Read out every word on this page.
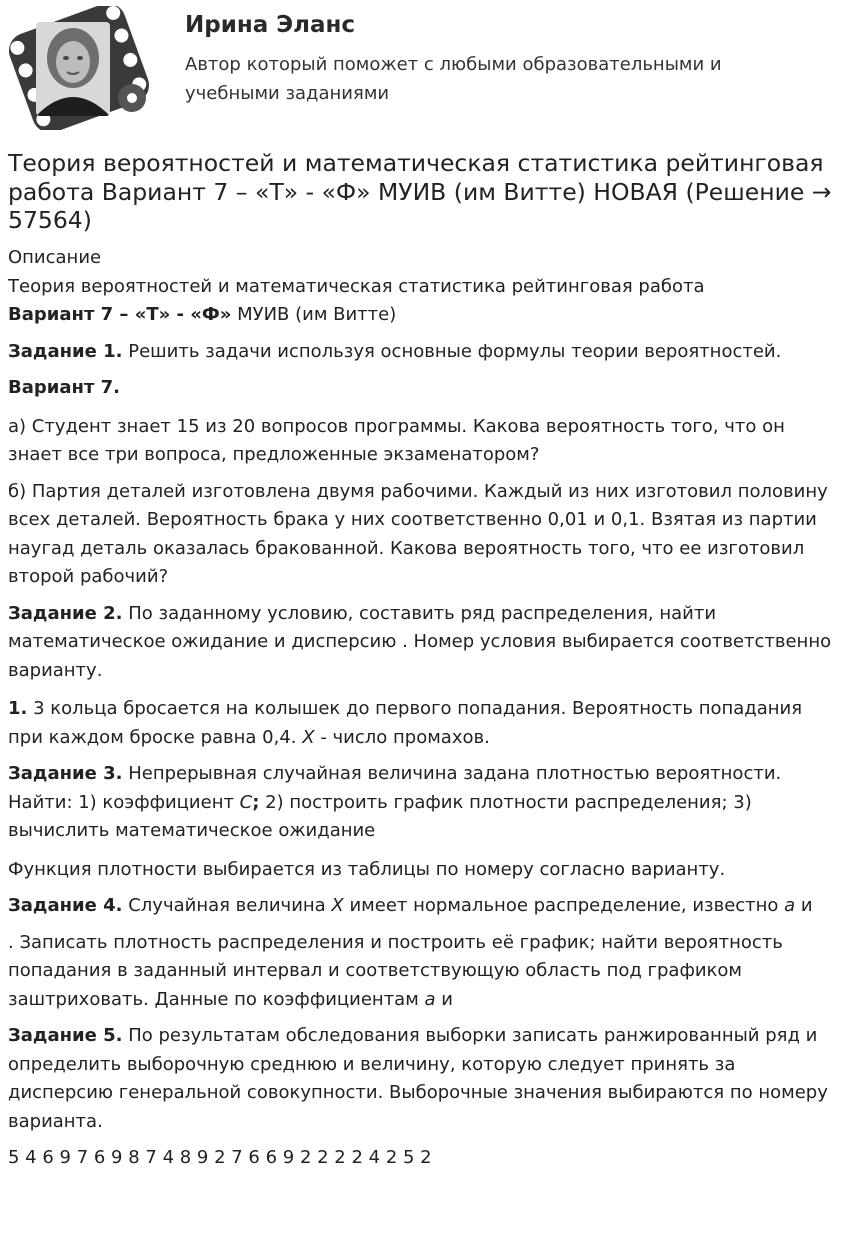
Ирина Эланс

Автор который поможет с любыми образовательными и учебными заданиями

Теория вероятностей и математическая статистика рейтинговая работа Вариант 7 – «Т» - «Ф» МУИВ (им Витте) НОВАЯ (Решение → 57564)

Описание

Теория вероятностей и математическая статистика рейтинговая работа

Вариант 7 – «Т» - «Ф» МУИВ (им Витте)

Задание 1. Решить задачи используя основные формулы теории вероятностей.

Вариант 7.

а) Студент знает 15 из 20 вопросов программы. Какова вероятность того, что он знает все три вопроса, предложенные экзаменатором?

б) Партия деталей изготовлена двумя рабочими. Каждый из них изготовил половину всех деталей. Вероятность брака у них соответственно 0,01 и 0,1. Взятая из партии наугад деталь оказалась бракованной. Какова вероятность того, что ее изготовил второй рабочий?

Задание 2. По заданному условию, составить ряд распределения, найти математическое ожидание и дисперсию . Номер условия выбирается соответственно варианту.

1. 3 кольца бросается на колышек до первого попадания. Вероятность попадания при каждом броске равна 0,4. X - число промахов.

Задание 3. Непрерывная случайная величина задана плотностью вероятности. Найти: 1) коэффициент C; 2) построить график плотности распределения; 3) вычислить математическое ожидание

Функция плотности выбирается из таблицы по номеру согласно варианту.

Задание 4. Случайная величина X имеет нормальное распределение, известно a и

. Записать плотность распределения и построить её график; найти вероятность попадания в заданный интервал и соответствующую область под графиком заштриховать. Данные по коэффициентам a и

Задание 5. По результатам обследования выборки записать ранжированный ряд и определить выборочную среднюю и величину, которую следует принять за дисперсию генеральной совокупности. Выборочные значения выбираются по номеру варианта.

5 4 6 9 7 6 9 8 7 4 8 9 2 7 6 6 9 2 2 2 2 4 2 5 2
